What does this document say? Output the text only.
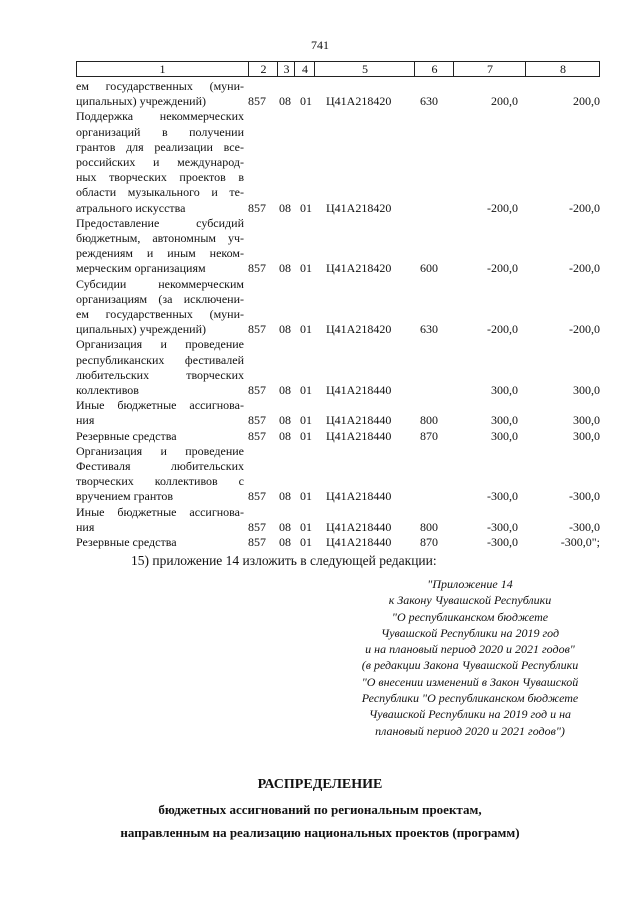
741
1	2	3	4	5	6	7	8
ем государственных (муни-
ципальных) учреждений)	857 08 01 Ц41А218420 630	200,0	200,0
Поддержка некоммерческих
организаций в получении
грантов для реализации все-
российских и международ-
ных творческих проектов в
области музыкального и те-
атрального искусства	857 08 01 Ц41А218420	-200,0	-200,0
Предоставление субсидий
бюджетным, автономным уч-
реждениям и иным неком-
мерческим организациям	857 08 01 Ц41А218420 600	-200,0	-200,0
Субсидии некоммерческим
организациям (за исключени-
ем государственных (муни-
ципальных) учреждений)	857 08 01 Ц41А218420 630	-200,0	-200,0
Организация и проведение
республиканских фестивалей
любительских творческих
коллективов	857 08 01 Ц41А218440	300,0	300,0
Иные бюджетные ассигнова-
ния	857 08 01 Ц41А218440 800	300,0	300,0
Резервные средства	857 08 01 Ц41А218440 870	300,0	300,0
Организация и проведение
Фестиваля любительских
творческих коллективов с
вручением грантов	857 08 01 Ц41А218440	-300,0	-300,0
Иные бюджетные ассигнова-
ния	857 08 01 Ц41А218440 800	-300,0	-300,0
Резервные средства	857 08 01 Ц41А218440 870	-300,0	-300,0";
15) приложение 14 изложить в следующей редакции:
"Приложение 14
к Закону Чувашской Республики
"О республиканском бюджете
Чувашской Республики на 2019 год
и на плановый период 2020 и 2021 годов"
(в редакции Закона Чувашской Республики
"О внесении изменений в Закон Чувашской
Республики "О республиканском бюджете
Чувашской Республики на 2019 год и на
плановый период 2020 и 2021 годов")
РАСПРЕДЕЛЕНИЕ
бюджетных ассигнований по региональным проектам,
направленным на реализацию национальных проектов (программ)
